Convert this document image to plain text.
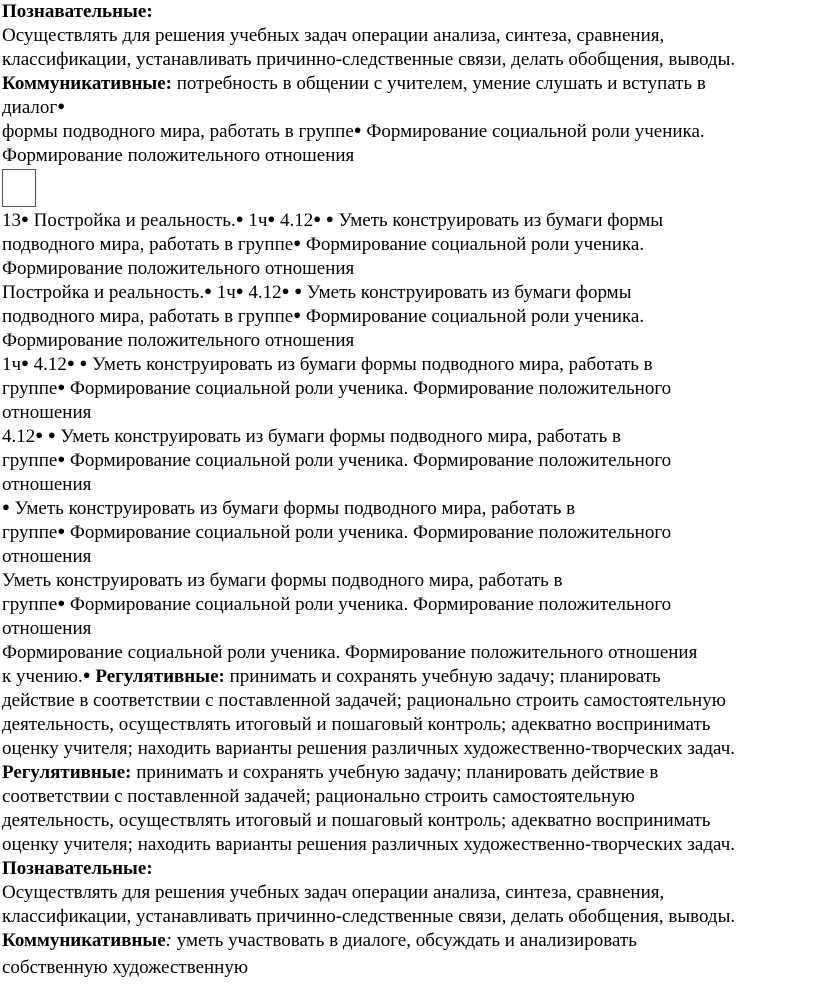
Познавательные:
Осуществлять для решения учебных задач операции анализа, синтеза, сравнения,
классификации, устанавливать причинно-следственные связи, делать обобщения, выводы.
Коммуникативные: потребность в общении с учителем, умение слушать и вступать в
диалог●
формы подводного мира, работать в группе● Формирование социальной роли ученика.
Формирование положительного отношения
13● Постройка и реальность.● 1ч● 4.12● ● Уметь конструировать из бумаги формы
подводного мира, работать в группе● Формирование социальной роли ученика.
Формирование положительного отношения
Постройка и реальность.● 1ч● 4.12● ● Уметь конструировать из бумаги формы
подводного мира, работать в группе● Формирование социальной роли ученика.
Формирование положительного отношения
1ч● 4.12● ● Уметь конструировать из бумаги формы подводного мира, работать в
группе● Формирование социальной роли ученика. Формирование положительного
отношения
4.12● ● Уметь конструировать из бумаги формы подводного мира, работать в
группе● Формирование социальной роли ученика. Формирование положительного
отношения
● Уметь конструировать из бумаги формы подводного мира, работать в
группе● Формирование социальной роли ученика. Формирование положительного
отношения
Уметь конструировать из бумаги формы подводного мира, работать в
группе● Формирование социальной роли ученика. Формирование положительного
отношения
Формирование социальной роли ученика. Формирование положительного отношения
к учению.● Регулятивные: принимать и сохранять учебную задачу; планировать
действие в соответствии с поставленной задачей; рационально строить самостоятельную
деятельность, осуществлять итоговый и пошаговый контроль; адекватно воспринимать
оценку учителя; находить варианты решения различных художественно-творческих задач.
Регулятивные: принимать и сохранять учебную задачу; планировать действие в
соответствии с поставленной задачей; рационально строить самостоятельную
деятельность, осуществлять итоговый и пошаговый контроль; адекватно воспринимать
оценку учителя; находить варианты решения различных художественно-творческих задач.
Познавательные:
Осуществлять для решения учебных задач операции анализа, синтеза, сравнения,
классификации, устанавливать причинно-следственные связи, делать обобщения, выводы.
Коммуникативные: уметь участвовать в диалоге, обсуждать и анализировать
собственную художественную
